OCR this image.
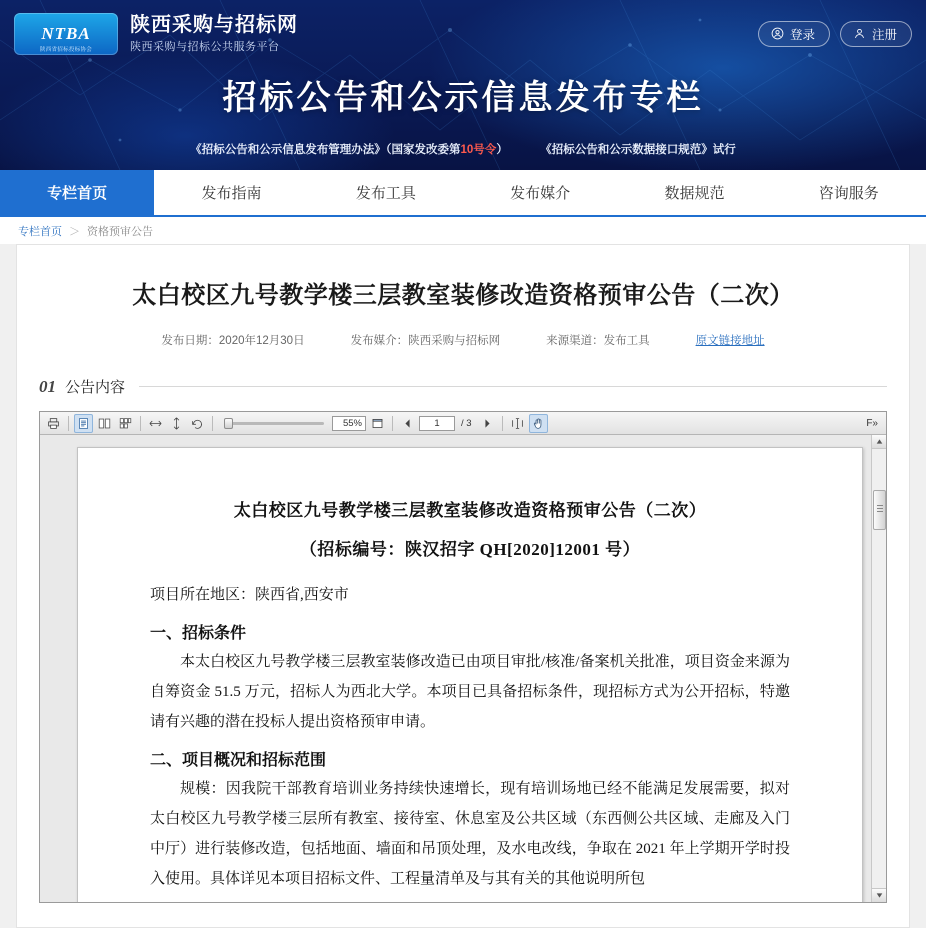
NTBA
陕西省招标投标协会
陕西采购与招标网
陕西采购与招标公共服务平台
登录	注册
招标公告和公示信息发布专栏
《招标公告和公示信息发布管理办法》（国家发改委第10号令）	《招标公告和公示数据接口规范》试行
专栏首页	发布指南	发布工具	发布媒介	数据规范	咨询服务
专栏首页 ＞ 资格预审公告
太白校区九号教学楼三层教室装修改造资格预审公告（二次）
发布日期：2020年12月30日	发布媒介：陕西采购与招标网	来源渠道：发布工具	原文链接地址
01 公告内容
55%	1	/ 3	F»
太白校区九号教学楼三层教室装修改造资格预审公告（二次）
（招标编号：陕汉招字 QH[2020]12001 号）
项目所在地区：陕西省,西安市
一、招标条件
本太白校区九号教学楼三层教室装修改造已由项目审批/核准/备案机关批准，项目资金来源为自筹资金 51.5 万元，招标人为西北大学。本项目已具备招标条件，现招标方式为公开招标，特邀请有兴趣的潜在投标人提出资格预审申请。
二、项目概况和招标范围
规模：因我院干部教育培训业务持续快速增长，现有培训场地已经不能满足发展需要，拟对太白校区九号教学楼三层所有教室、接待室、休息室及公共区域（东西侧公共区域、走廊及入门中厅）进行装修改造，包括地面、墙面和吊顶处理，及水电改线，争取在 2021 年上学期开学时投入使用。具体详见本项目招标文件、工程量清单及与其有关的其他说明所包
